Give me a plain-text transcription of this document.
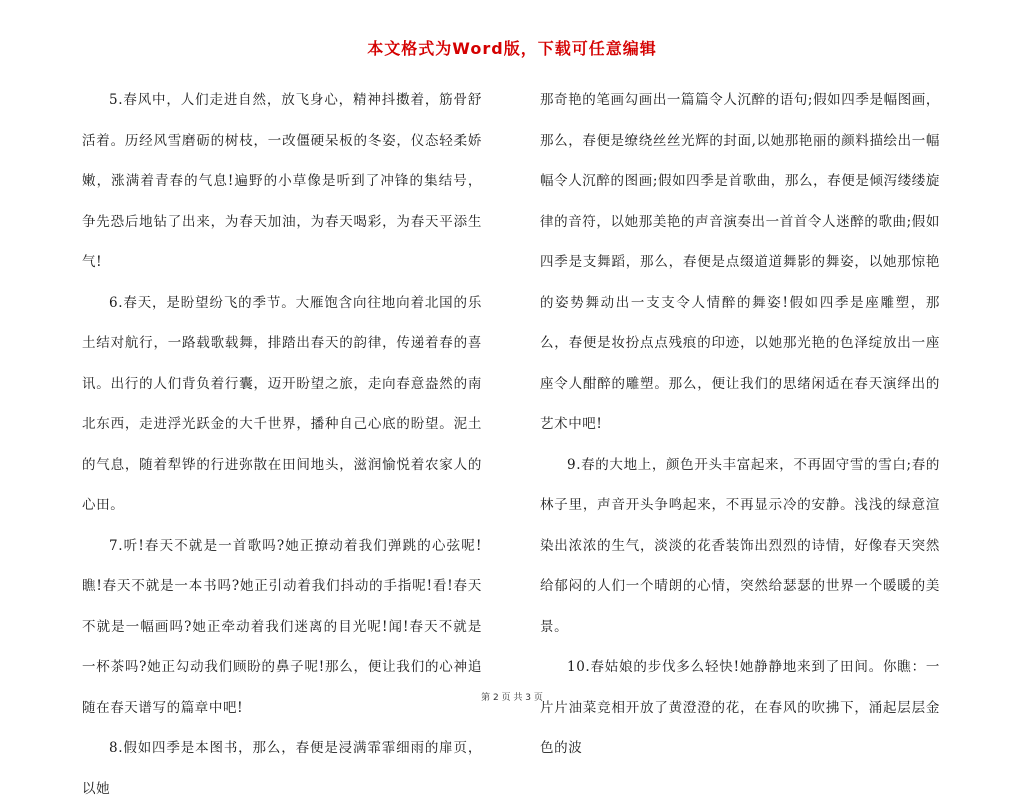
本文格式为Word版，下载可任意编辑

5.春风中，人们走进自然，放飞身心，精神抖擞着，筋骨舒活着。历经风雪磨砺的树枝，一改僵硬呆板的冬姿，仪态轻柔娇嫩，涨满着青春的气息!遍野的小草像是听到了冲锋的集结号，争先恐后地钻了出来，为春天加油，为春天喝彩，为春天平添生气!

6.春天，是盼望纷飞的季节。大雁饱含向往地向着北国的乐土结对航行，一路载歌载舞，排踏出春天的韵律，传递着春的喜讯。出行的人们背负着行囊，迈开盼望之旅，走向春意盎然的南北东西，走进浮光跃金的大千世界，播种自己心底的盼望。泥土的气息，随着犁铧的行进弥散在田间地头，滋润愉悦着农家人的心田。

7.听!春天不就是一首歌吗?她正撩动着我们弹跳的心弦呢!瞧!春天不就是一本书吗?她正引动着我们抖动的手指呢!看!春天不就是一幅画吗?她正牵动着我们迷离的目光呢!闻!春天不就是一杯茶吗?她正勾动我们顾盼的鼻子呢!那么，便让我们的心神追随在春天谱写的篇章中吧!

8.假如四季是本图书，那么，春便是浸满霏霏细雨的扉页，以她

那奇艳的笔画勾画出一篇篇令人沉醉的语句;假如四季是幅图画，那么，春便是缭绕丝丝光辉的封面,以她那艳丽的颜料描绘出一幅幅令人沉醉的图画;假如四季是首歌曲，那么，春便是倾泻缕缕旋律的音符，以她那美艳的声音演奏出一首首令人迷醉的歌曲;假如四季是支舞蹈，那么，春便是点缀道道舞影的舞姿，以她那惊艳的姿势舞动出一支支令人情醉的舞姿!假如四季是座雕塑，那么，春便是妆扮点点残痕的印迹，以她那光艳的色泽绽放出一座座令人酣醉的雕塑。那么，便让我们的思绪闲适在春天演绎出的艺术中吧!

9.春的大地上，颜色开头丰富起来，不再固守雪的雪白;春的林子里，声音开头争鸣起来，不再显示冷的安静。浅浅的绿意渲染出浓浓的生气，淡淡的花香装饰出烈烈的诗情，好像春天突然给郁闷的人们一个晴朗的心情，突然给瑟瑟的世界一个暖暖的美景。

10.春姑娘的步伐多么轻快!她静静地来到了田间。你瞧：一片片油菜竞相开放了黄澄澄的花，在春风的吹拂下，涌起层层金色的波

第 2 页 共 3 页
